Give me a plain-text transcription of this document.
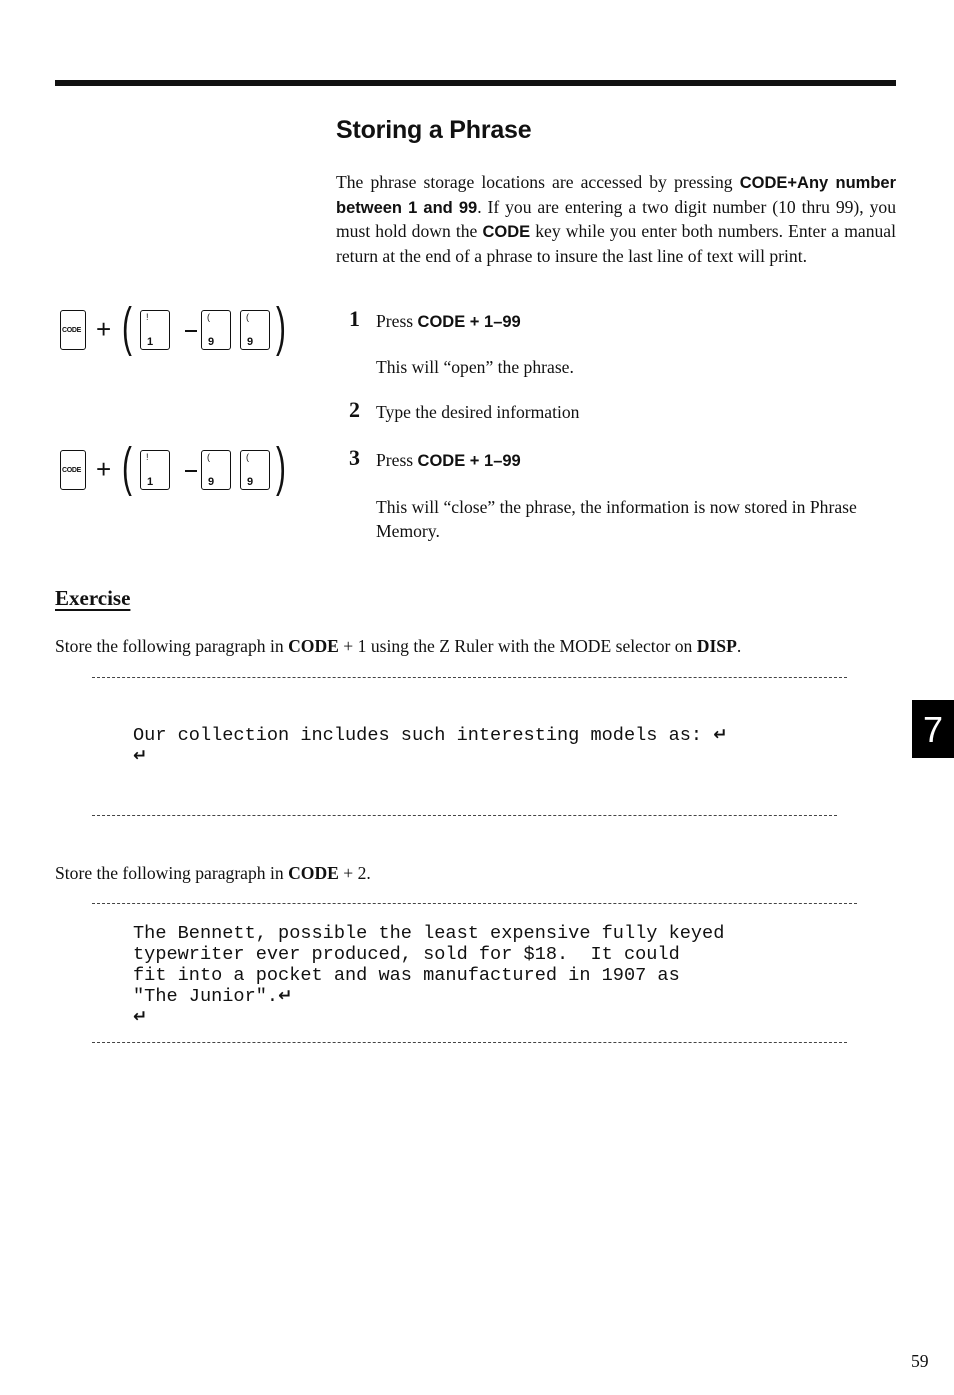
Storing a Phrase

The phrase storage locations are accessed by pressing CODE+Any number between 1 and 99. If you are entering a two digit number (10 thru 99), you must hold down the CODE key while you enter both numbers. Enter a manual return at the end of a phrase to insure the last line of text will print.

CODE + ( !
1
(
9
(
9 )
CODE + ( !
1
(
9
(
9 )
1 Press CODE + 1–99

This will “open” the phrase.

2 Type the desired information
3 Press CODE + 1–99

This will “close” the phrase, the information is now stored in Phrase Memory.

Exercise

Store the following paragraph in CODE + 1 using the Z Ruler with the MODE selector on DISP.

Our collection includes such interesting models as: ↵
↵

Store the following paragraph in CODE + 2.

The Bennett, possible the least expensive fully keyed
typewriter ever produced, sold for $18.  It could
fit into a pocket and was manufactured in 1907 as
"The Junior".↵
↵
7
59
